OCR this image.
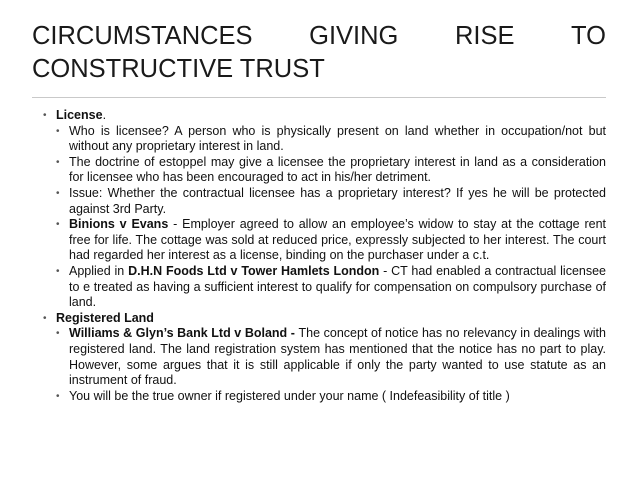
CIRCUMSTANCES GIVING RISE TO
CONSTRUCTIVE TRUST
• License.
• Who is licensee? A person who is physically present on land whether in occupation/not but without any proprietary interest in land.
• The doctrine of estoppel may give a licensee the proprietary interest in land as a consideration for licensee who has been encouraged to act in his/her detriment.
• Issue: Whether the contractual licensee has a proprietary interest? If yes he will be protected against 3rd Party.
• Binions v Evans - Employer agreed to allow an employee’s widow to stay at the cottage rent free for life. The cottage was sold at reduced price, expressly subjected to her interest. The court had regarded her interest as a license, binding on the purchaser under a c.t.
• Applied in D.H.N Foods Ltd v Tower Hamlets London - CT had enabled a contractual licensee to e treated as having a sufficient interest to qualify for compensation on compulsory purchase of land.
• Registered Land
• Williams & Glyn’s Bank Ltd v Boland - The concept of notice has no relevancy in dealings with registered land. The land registration system has mentioned that the notice has no part to play. However, some argues that it is still applicable if only the party wanted to use statute as an instrument of fraud.
• You will be the true owner if registered under your name ( Indefeasibility of title )
